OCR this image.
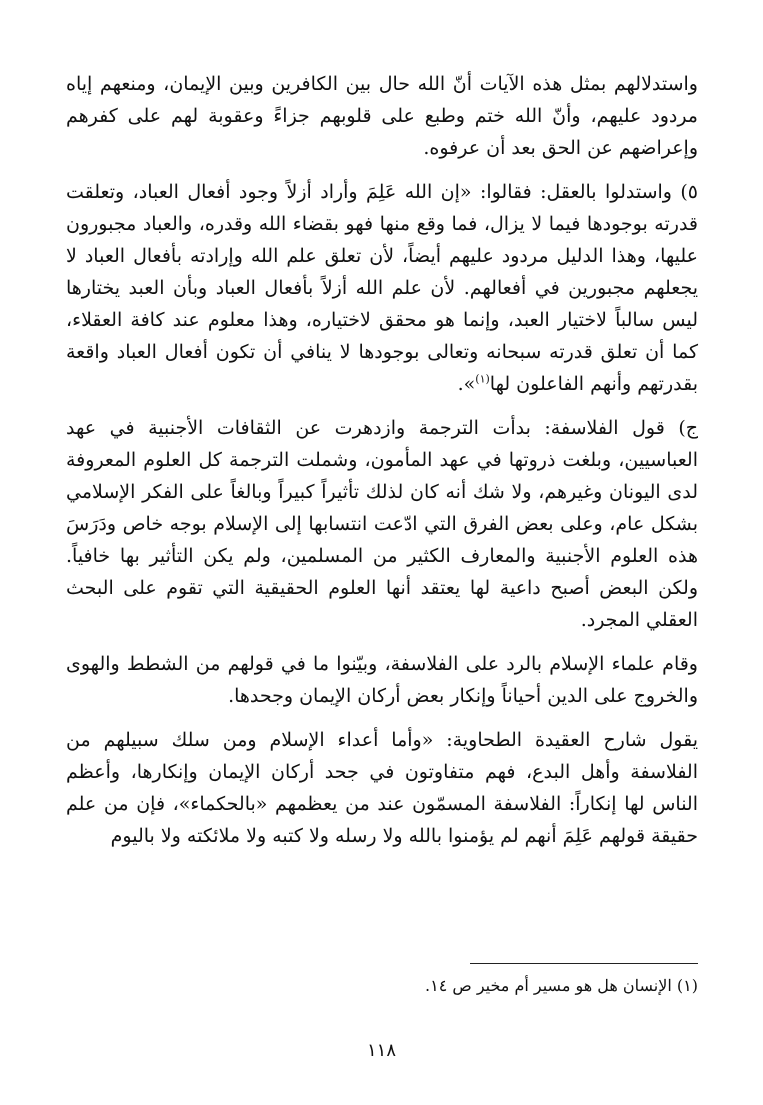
واستدلالهم بمثل هذه الآيات أنّ الله حال بين الكافرين وبين الإيمان، ومنعهم إياه مردود عليهم، وأنّ الله ختم وطبع على قلوبهم جزاءً وعقوبة لهم على كفرهم وإعراضهم عن الحق بعد أن عرفوه.

٥) واستدلوا بالعقل: فقالوا: «إن الله عَلِمَ وأراد أزلاً وجود أفعال العباد، وتعلقت قدرته بوجودها فيما لا يزال، فما وقع منها فهو بقضاء الله وقدره، والعباد مجبورون عليها، وهذا الدليل مردود عليهم أيضاً، لأن تعلق علم الله وإرادته بأفعال العباد لا يجعلهم مجبورين في أفعالهم. لأن علم الله أزلاً بأفعال العباد وبأن العبد يختارها ليس سالباً لاختيار العبد، وإنما هو محقق لاختياره، وهذا معلوم عند كافة العقلاء، كما أن تعلق قدرته سبحانه وتعالى بوجودها لا ينافي أن تكون أفعال العباد واقعة بقدرتهم وأنهم الفاعلون لها$^{(١)}$».

ج) قول الفلاسفة: بدأت الترجمة وازدهرت عن الثقافات الأجنبية في عهد العباسيين، وبلغت ذروتها في عهد المأمون، وشملت الترجمة كل العلوم المعروفة لدى اليونان وغيرهم، ولا شك أنه كان لذلك تأثيراً كبيراً وبالغاً على الفكر الإسلامي بشكل عام، وعلى بعض الفرق التي ادّعت انتسابها إلى الإسلام بوجه خاص ودَرَسَ هذه العلوم الأجنبية والمعارف الكثير من المسلمين، ولم يكن التأثير بها خافياً. ولكن البعض أصبح داعية لها يعتقد أنها العلوم الحقيقية التي تقوم على البحث العقلي المجرد.

وقام علماء الإسلام بالرد على الفلاسفة، وبيّنوا ما في قولهم من الشطط والهوى والخروج على الدين أحياناً وإنكار بعض أركان الإيمان وجحدها.

يقول شارح العقيدة الطحاوية: «وأما أعداء الإسلام ومن سلك سبيلهم من الفلاسفة وأهل البدع، فهم متفاوتون في جحد أركان الإيمان وإنكارها، وأعظم الناس لها إنكاراً: الفلاسفة المسمّون عند من يعظمهم «بالحكماء»، فإن من علم حقيقة قولهم عَلِمَ أنهم لم يؤمنوا بالله ولا رسله ولا كتبه ولا ملائكته ولا باليوم

(١) الإنسان هل هو مسير أم مخير ص ١٤.
١١٨
